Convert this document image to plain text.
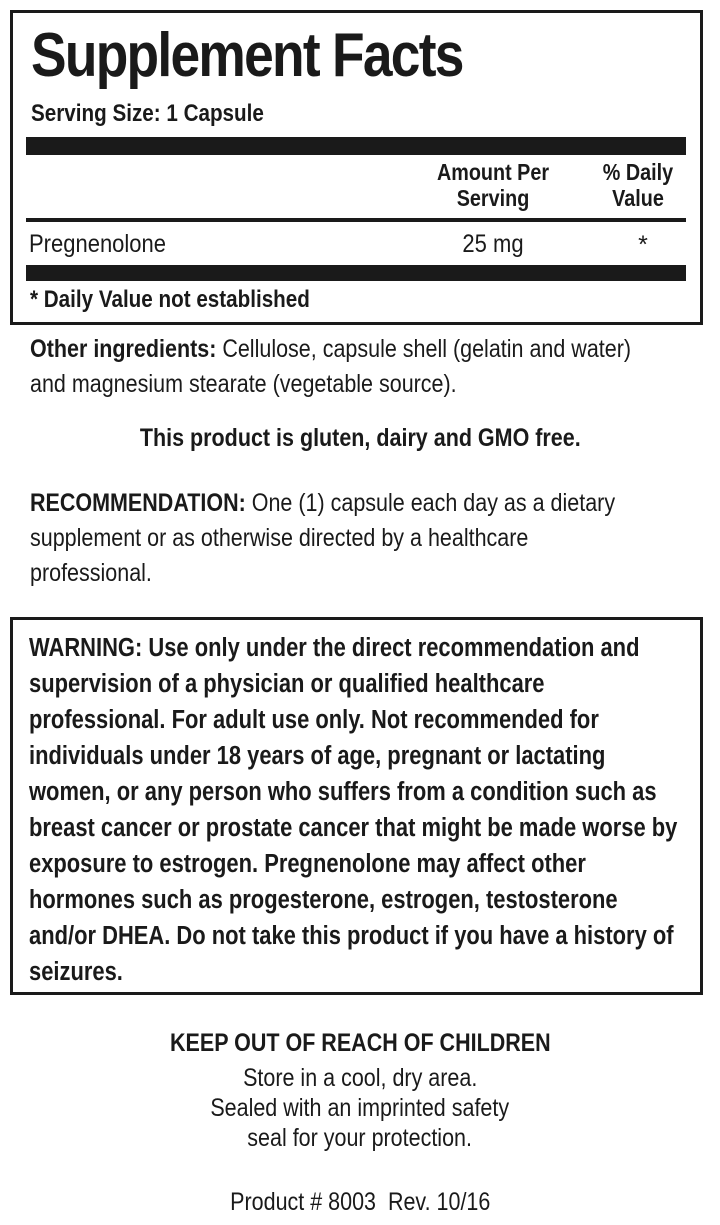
Supplement Facts
Serving Size: 1 Capsule
Amount Per
Serving
% Daily
Value
Pregnenolone	25 mg	*
* Daily Value not established
Other ingredients: Cellulose, capsule shell (gelatin and water) and magnesium stearate (vegetable source).
This product is gluten, dairy and GMO free.
RECOMMENDATION: One (1) capsule each day as a dietary supplement or as otherwise directed by a healthcare professional.
WARNING: Use only under the direct recommendation and supervision of a physician or qualified healthcare professional. For adult use only. Not recommended for individuals under 18 years of age, pregnant or lactating women, or any person who suffers from a condition such as breast cancer or prostate cancer that might be made worse by exposure to estrogen. Pregnenolone may affect other hormones such as progesterone, estrogen, testosterone and/or DHEA. Do not take this product if you have a history of seizures.
KEEP OUT OF REACH OF CHILDREN
Store in a cool, dry area.
Sealed with an imprinted safety
seal for your protection.
Product # 8003  Rev. 10/16
